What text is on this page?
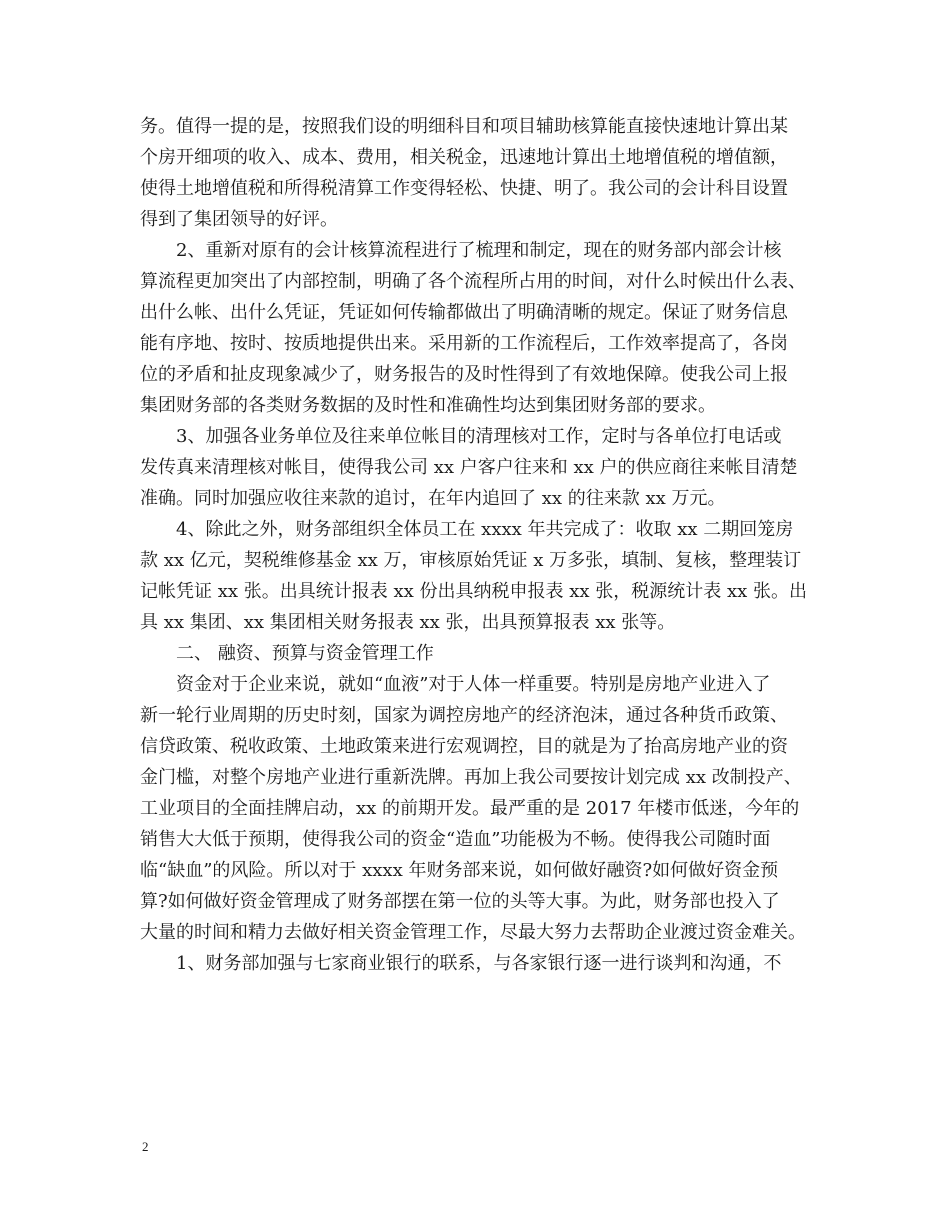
务。值得一提的是，按照我们设的明细科目和项目辅助核算能直接快速地计算出某
个房开细项的收入、成本、费用，相关税金，迅速地计算出土地增值税的增值额，
使得土地增值税和所得税清算工作变得轻松、快捷、明了。我公司的会计科目设置
得到了集团领导的好评。
2、重新对原有的会计核算流程进行了梳理和制定，现在的财务部内部会计核
算流程更加突出了内部控制，明确了各个流程所占用的时间，对什么时候出什么表、
出什么帐、出什么凭证，凭证如何传输都做出了明确清晰的规定。保证了财务信息
能有序地、按时、按质地提供出来。采用新的工作流程后，工作效率提高了，各岗
位的矛盾和扯皮现象减少了，财务报告的及时性得到了有效地保障。使我公司上报
集团财务部的各类财务数据的及时性和准确性均达到集团财务部的要求。
3、加强各业务单位及往来单位帐目的清理核对工作，定时与各单位打电话或
发传真来清理核对帐目，使得我公司 xx 户客户往来和 xx 户的供应商往来帐目清楚
准确。同时加强应收往来款的追讨，在年内追回了 xx 的往来款 xx 万元。
4、除此之外，财务部组织全体员工在 xxxx 年共完成了：收取 xx 二期回笼房
款 xx 亿元，契税维修基金 xx 万，审核原始凭证 x 万多张，填制、复核，整理装订
记帐凭证 xx 张。出具统计报表 xx 份出具纳税申报表 xx 张，税源统计表 xx 张。出
具 xx 集团、xx 集团相关财务报表 xx 张，出具预算报表 xx 张等。
二、 融资、预算与资金管理工作
资金对于企业来说，就如“血液”对于人体一样重要。特别是房地产业进入了
新一轮行业周期的历史时刻，国家为调控房地产的经济泡沫，通过各种货币政策、
信贷政策、税收政策、土地政策来进行宏观调控，目的就是为了抬高房地产业的资
金门槛，对整个房地产业进行重新洗牌。再加上我公司要按计划完成 xx 改制投产、
工业项目的全面挂牌启动，xx 的前期开发。最严重的是 2017 年楼市低迷，今年的
销售大大低于预期，使得我公司的资金“造血”功能极为不畅。使得我公司随时面
临“缺血”的风险。所以对于 xxxx 年财务部来说，如何做好融资?如何做好资金预
算?如何做好资金管理成了财务部摆在第一位的头等大事。为此，财务部也投入了
大量的时间和精力去做好相关资金管理工作，尽最大努力去帮助企业渡过资金难关。
1、财务部加强与七家商业银行的联系，与各家银行逐一进行谈判和沟通，不
2
